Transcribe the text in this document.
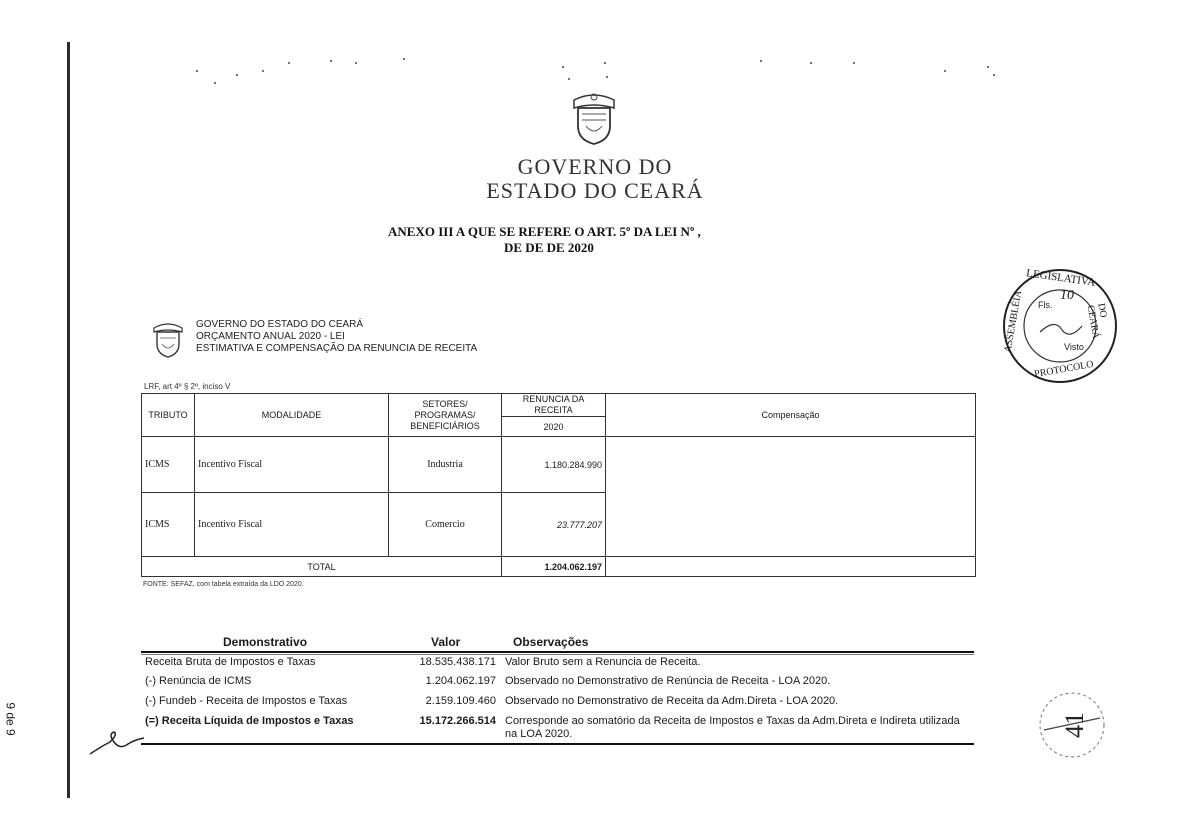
GOVERNO DO
ESTADO DO CEARÁ
ANEXO III A QUE SE REFERE O ART. 5º DA LEI Nº ,
DE DE DE 2020
LEGISLATIVA
ASSEMBLÉIA	DO CEARÁ
PROTOCOLO
Fls.
10
Visto
GOVERNO DO ESTADO DO CEARÁ
ORÇAMENTO ANUAL 2020 - LEI
ESTIMATIVA E COMPENSAÇÃO DA RENUNCIA DE RECEITA
LRF, art 4º § 2º, inciso V
TRIBUTO	MODALIDADE	SETORES/ PROGRAMAS/ BENEFICIÁRIOS	RENUNCIA DA RECEITA	Compensação
			2020	
ICMS	Incentivo Fiscal	Industria	1.180.284.990	
ICMS	Incentivo Fiscal	Comercio	23.777.207	
TOTAL			1.204.062.197	
FONTE: SEFAZ, com tabela extraída da LDO 2020.
Demonstrativo	Valor	Observações
Receita Bruta de Impostos e Taxas	18.535.438.171 Valor Bruto sem a Renuncia de Receita.
(-) Renúncia de ICMS	1.204.062.197 Observado no Demonstrativo de Renúncia de Receita - LOA 2020.
(-) Fundeb - Receita de Impostos e Taxas	2.159.109.460 Observado no Demonstrativo de Receita da Adm.Direta - LOA 2020.
(=) Receita Líquida de Impostos e Taxas	15.172.266.514 Corresponde ao somatório da Receita de Impostos e Taxas da Adm.Direta e Indireta utilizada na LOA 2020.
9 de 9	41
